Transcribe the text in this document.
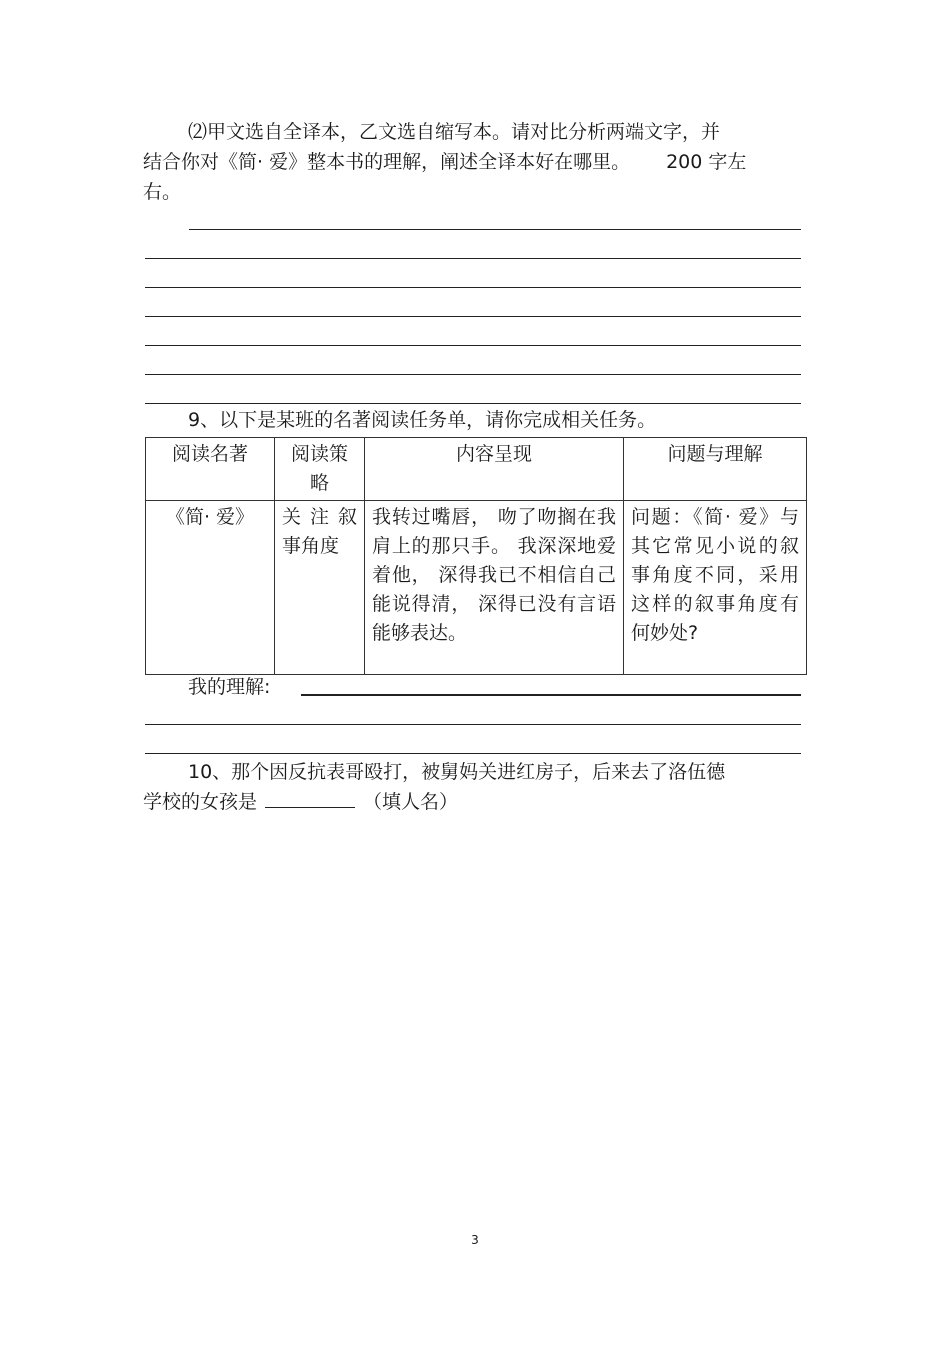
⑵甲文选自全译本，乙文选自缩写本。请对比分析两端文字，并
结合你对《简· 爱》整本书的理解，阐述全译本好在哪里。 200 字左
右。
9、以下是某班的名著阅读任务单，请你完成相关任务。
阅读名著	阅读策略	内容呈现	问题与理解
《简· 爱》	关注叙事角度	我转过嘴唇， 吻了吻搁在我肩上的那只手。 我深深地爱着他， 深得我已不相信自己能说得清， 深得已没有言语能够表达。	问题：《简· 爱》与其它常见小说的叙事角度不同，采用这样的叙事角度有何妙处?
我的理解:
10、那个因反抗表哥殴打，被舅妈关进红房子，后来去了洛伍德
学校的女孩是	（填人名）
3
